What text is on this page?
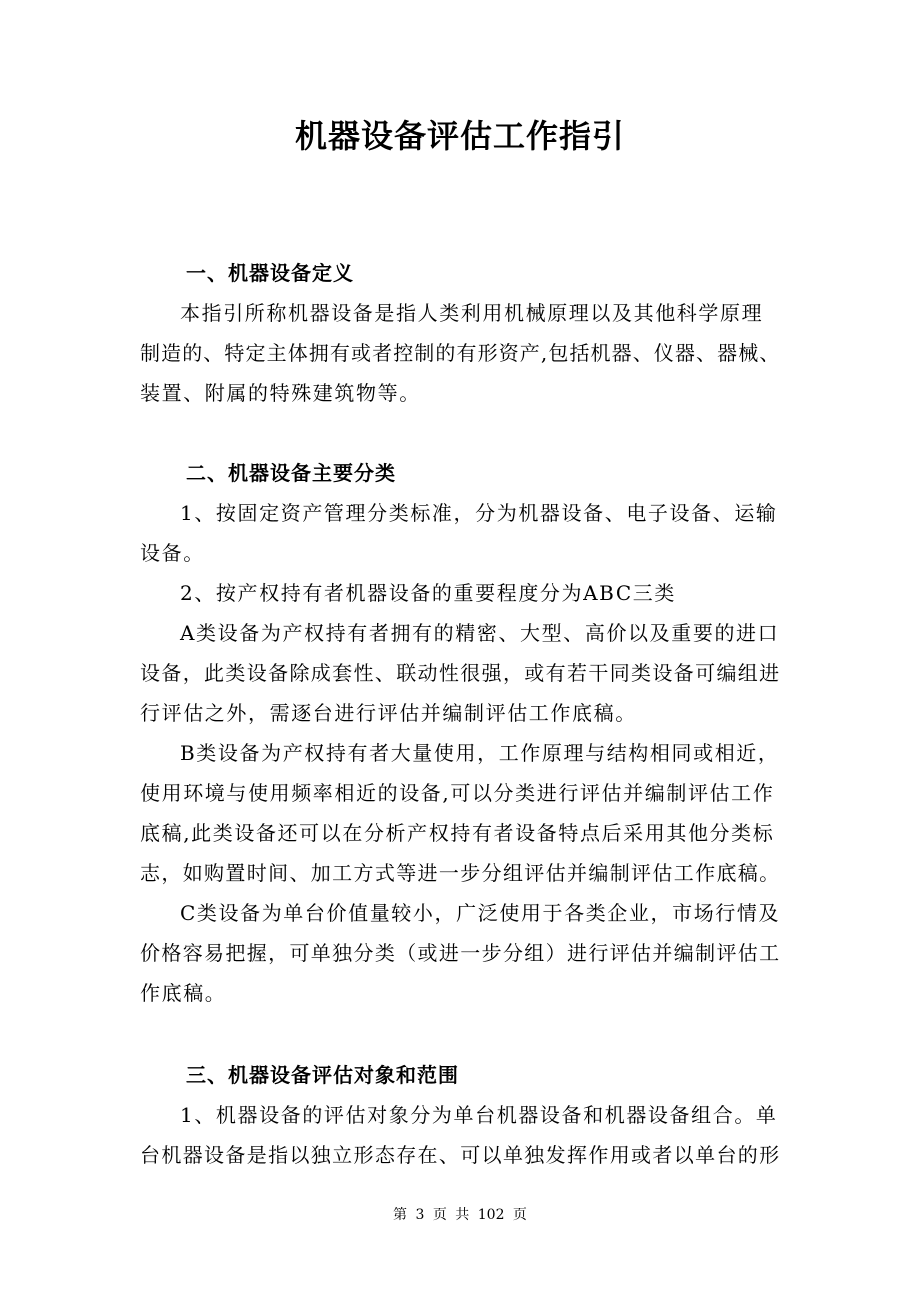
机器设备评估工作指引
一、机器设备定义
本指引所称机器设备是指人类利用机械原理以及其他科学原理
制造的、特定主体拥有或者控制的有形资产,包括机器、仪器、器械、
装置、附属的特殊建筑物等。
二、机器设备主要分类
1、按固定资产管理分类标准，分为机器设备、电子设备、运输
设备。
2、按产权持有者机器设备的重要程度分为ABC三类
A类设备为产权持有者拥有的精密、大型、高价以及重要的进口
设备，此类设备除成套性、联动性很强，或有若干同类设备可编组进
行评估之外，需逐台进行评估并编制评估工作底稿。
B类设备为产权持有者大量使用，工作原理与结构相同或相近，
使用环境与使用频率相近的设备,可以分类进行评估并编制评估工作
底稿,此类设备还可以在分析产权持有者设备特点后采用其他分类标
志，如购置时间、加工方式等进一步分组评估并编制评估工作底稿。
C类设备为单台价值量较小，广泛使用于各类企业，市场行情及
价格容易把握，可单独分类（或进一步分组）进行评估并编制评估工
作底稿。
三、机器设备评估对象和范围
1、机器设备的评估对象分为单台机器设备和机器设备组合。单
台机器设备是指以独立形态存在、可以单独发挥作用或者以单台的形
第 3 页 共 102 页
